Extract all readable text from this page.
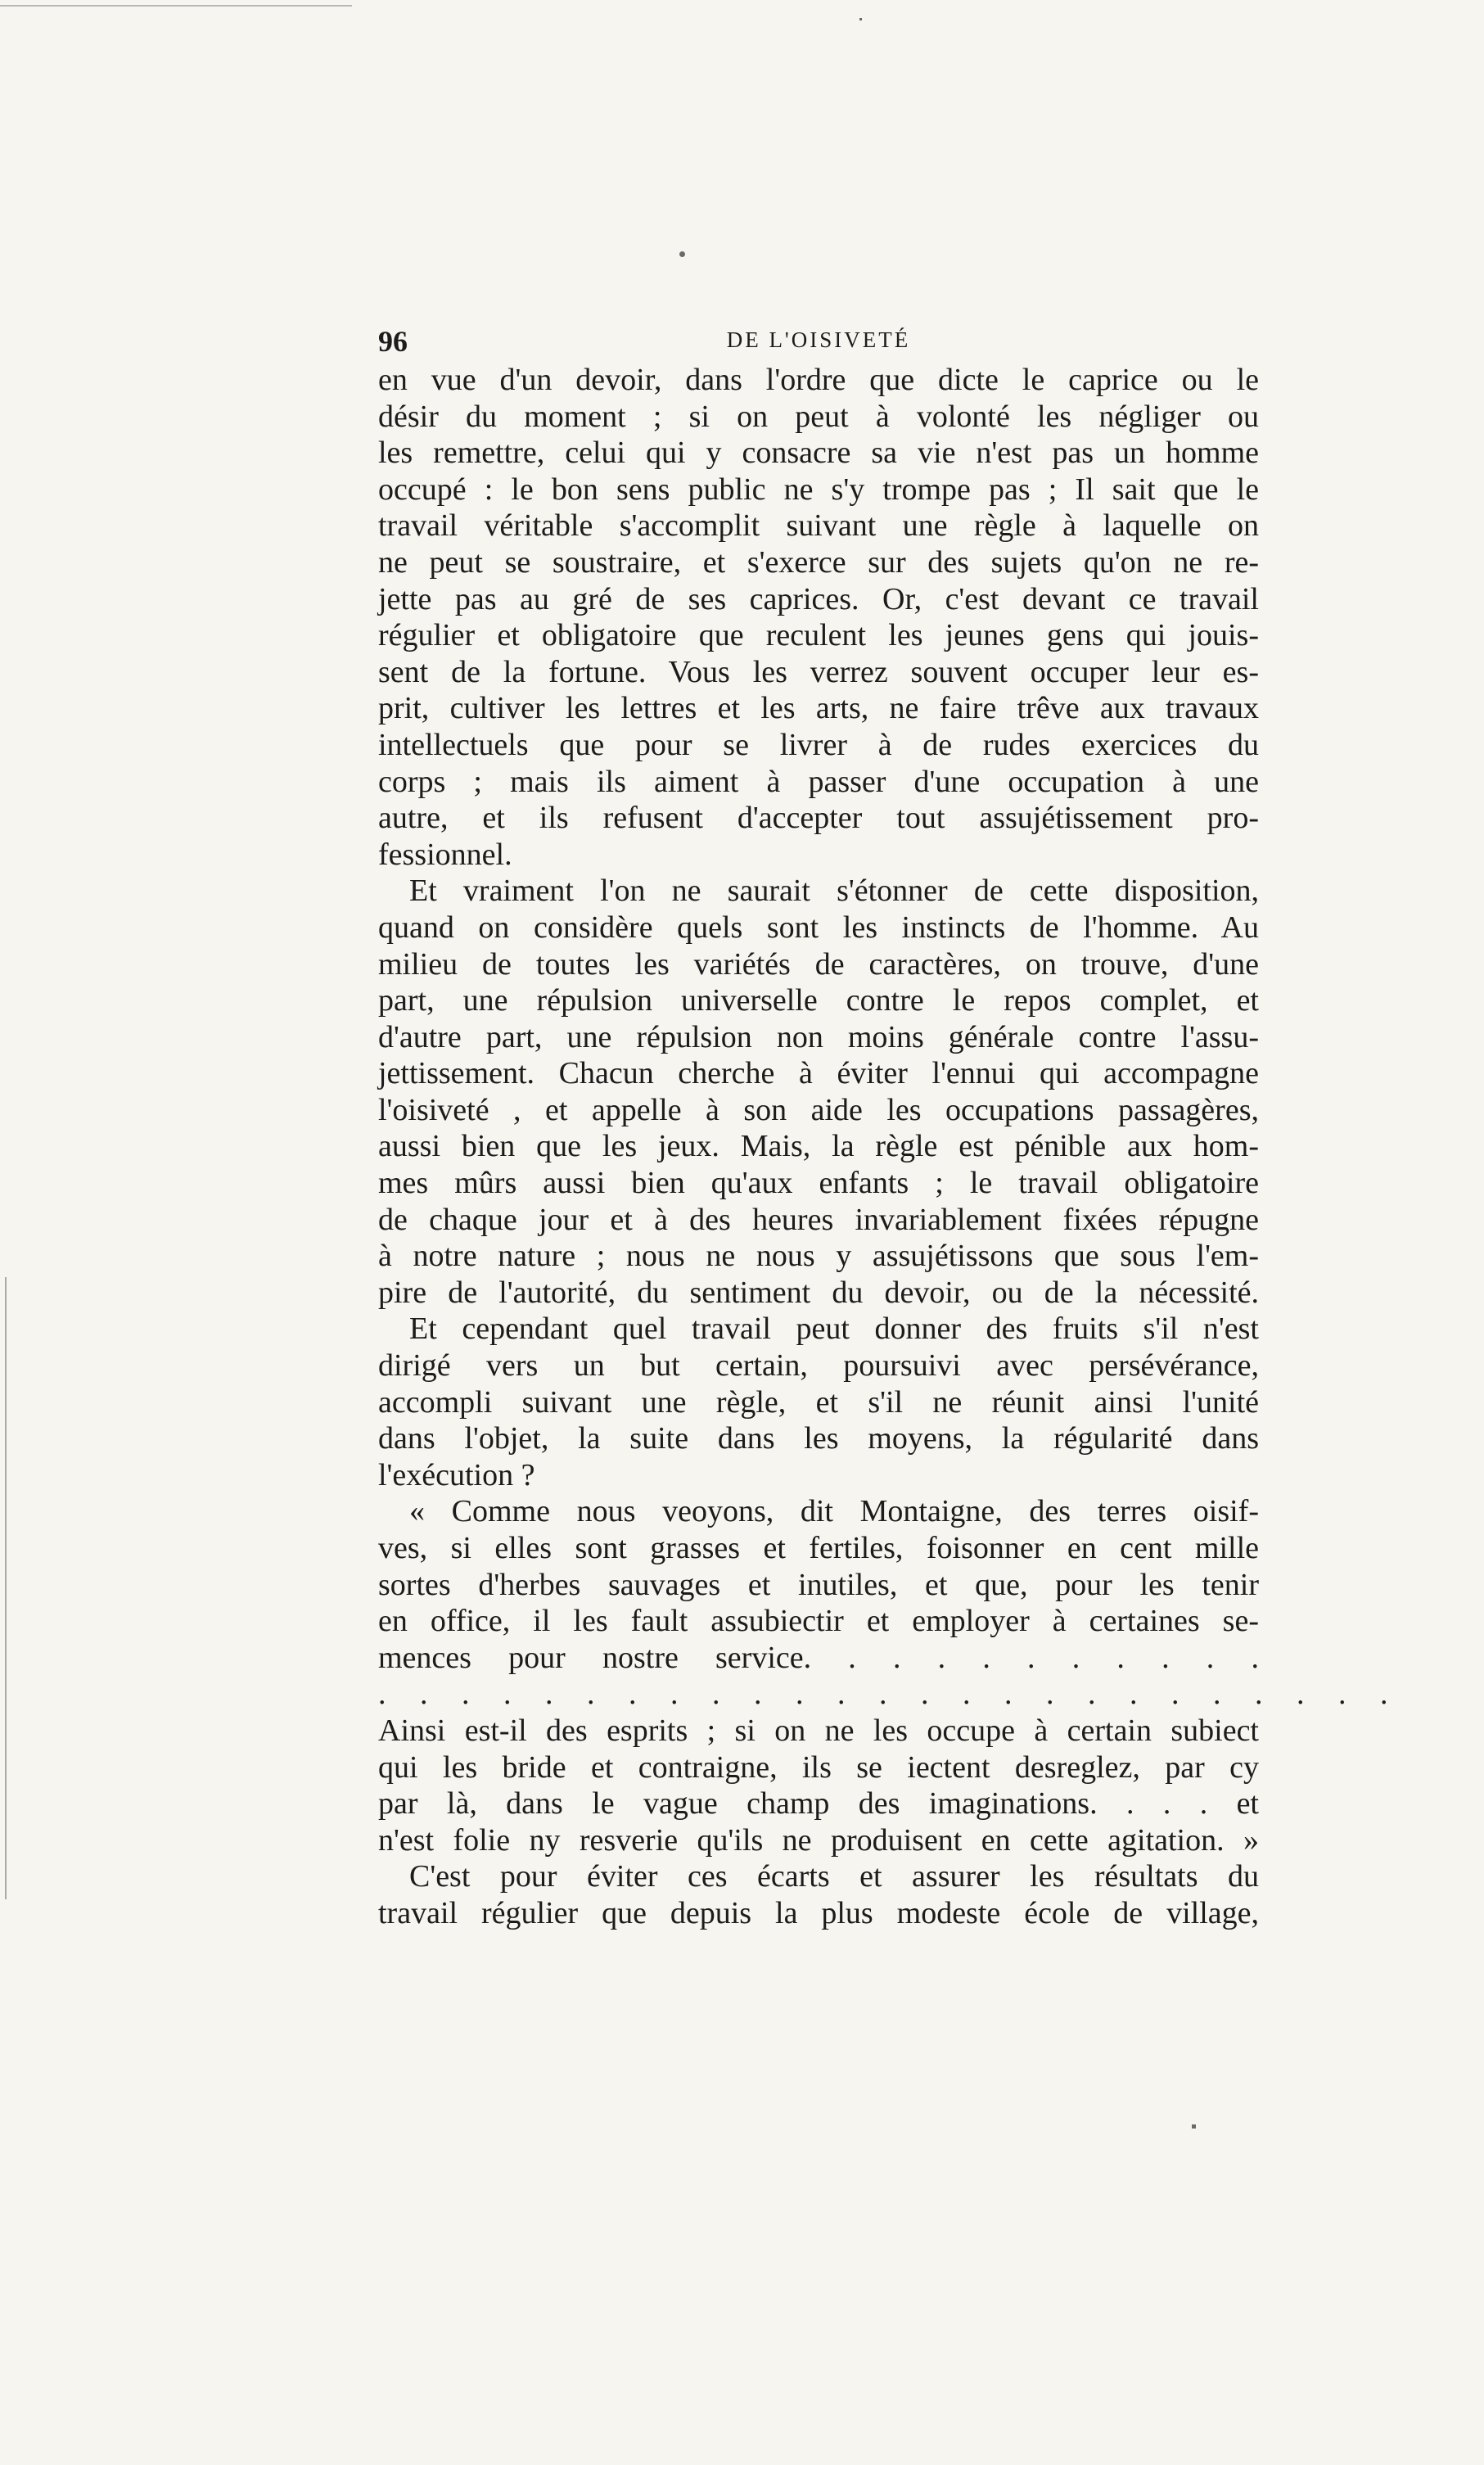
96	DE L'OISIVETÉ
en vue d'un devoir, dans l'ordre que dicte le caprice ou le
désir du moment ; si on peut à volonté les négliger ou
les remettre, celui qui y consacre sa vie n'est pas un homme
occupé : le bon sens public ne s'y trompe pas ; Il sait que le
travail véritable s'accomplit suivant une règle à laquelle on
ne peut se soustraire, et s'exerce sur des sujets qu'on ne re-
jette pas au gré de ses caprices. Or, c'est devant ce travail
régulier et obligatoire que reculent les jeunes gens qui jouis-
sent de la fortune. Vous les verrez souvent occuper leur es-
prit, cultiver les lettres et les arts, ne faire trêve aux travaux
intellectuels que pour se livrer à de rudes exercices du
corps ; mais ils aiment à passer d'une occupation à une
autre, et ils refusent d'accepter tout assujétissement pro-
fessionnel.
Et vraiment l'on ne saurait s'étonner de cette disposition,
quand on considère quels sont les instincts de l'homme. Au
milieu de toutes les variétés de caractères, on trouve, d'une
part, une répulsion universelle contre le repos complet, et
d'autre part, une répulsion non moins générale contre l'assu-
jettissement. Chacun cherche à éviter l'ennui qui accompagne
l'oisiveté , et appelle à son aide les occupations passagères,
aussi bien que les jeux. Mais, la règle est pénible aux hom-
mes mûrs aussi bien qu'aux enfants ; le travail obligatoire
de chaque jour et à des heures invariablement fixées répugne
à notre nature ; nous ne nous y assujétissons que sous l'em-
pire de l'autorité, du sentiment du devoir, ou de la nécessité.
Et cependant quel travail peut donner des fruits s'il n'est
dirigé vers un but certain, poursuivi avec persévérance,
accompli suivant une règle, et s'il ne réunit ainsi l'unité
dans l'objet, la suite dans les moyens, la régularité dans
l'exécution ?
« Comme nous veoyons, dit Montaigne, des terres oisif-
ves, si elles sont grasses et fertiles, foisonner en cent mille
sortes d'herbes sauvages et inutiles, et que, pour les tenir
en office, il les fault assubiectir et employer à certaines se-
mences pour nostre service. . . . . . . . . . .
. . . . . . . . . . . . . . . . . . . . . . . . .
Ainsi est-il des esprits ; si on ne les occupe à certain subiect
qui les bride et contraigne, ils se iectent desreglez, par cy
par là, dans le vague champ des imaginations. . . . et
n'est folie ny resverie qu'ils ne produisent en cette agitation. »
C'est pour éviter ces écarts et assurer les résultats du
travail régulier que depuis la plus modeste école de village,
